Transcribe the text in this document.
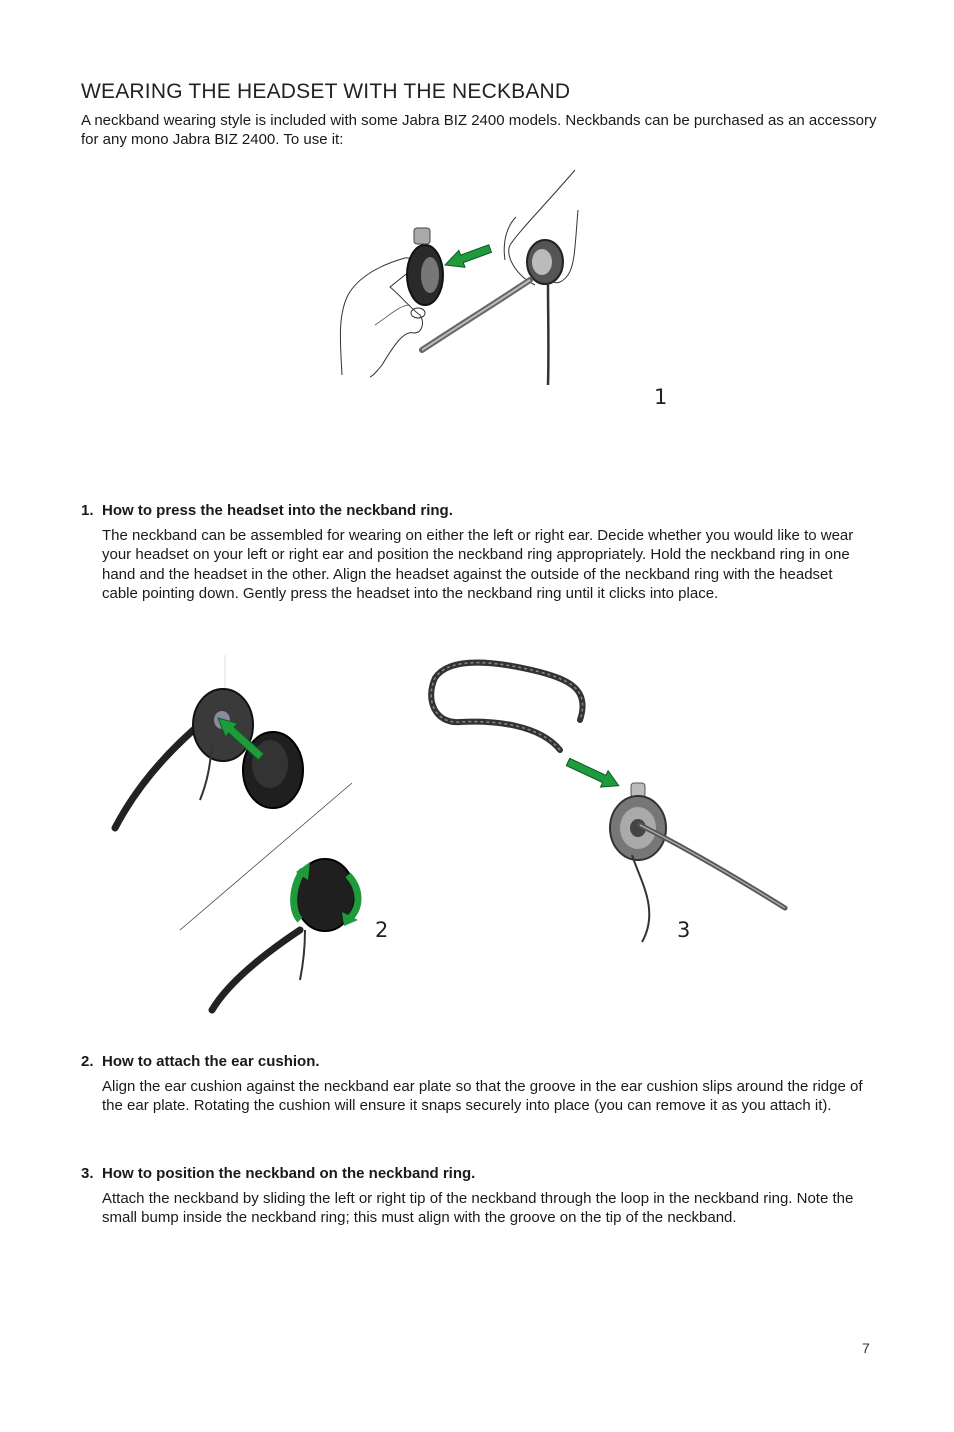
WEARING THE HEADSET WITH THE NECKBAND

A neckband wearing style is included with some Jabra BIZ 2400 models. Neckbands can be purchased as an accessory for any mono Jabra BIZ 2400. To use it:

1

1. How to press the headset into the neckband ring.

The neckband can be assembled for wearing on either the left or right ear. Decide whether you would like to wear your headset on your left or right ear and position the neckband ring appropriately. Hold the neckband ring in one hand and the headset in the other. Align the headset against the outside of the neckband ring with the headset cable pointing down. Gently press the headset into the neckband ring until it clicks into place.

2	3

2. How to attach the ear cushion.

Align the ear cushion against the neckband ear plate so that the groove in the ear cushion slips around the ridge of the ear plate. Rotating the cushion will ensure it snaps securely into place (you can remove it as you attach it).

3. How to position the neckband on the neckband ring.

Attach the neckband by sliding the left or right tip of the neckband through the loop in the neckband ring. Note the small bump inside the neckband ring; this must align with the groove on the tip of the neckband.

7
